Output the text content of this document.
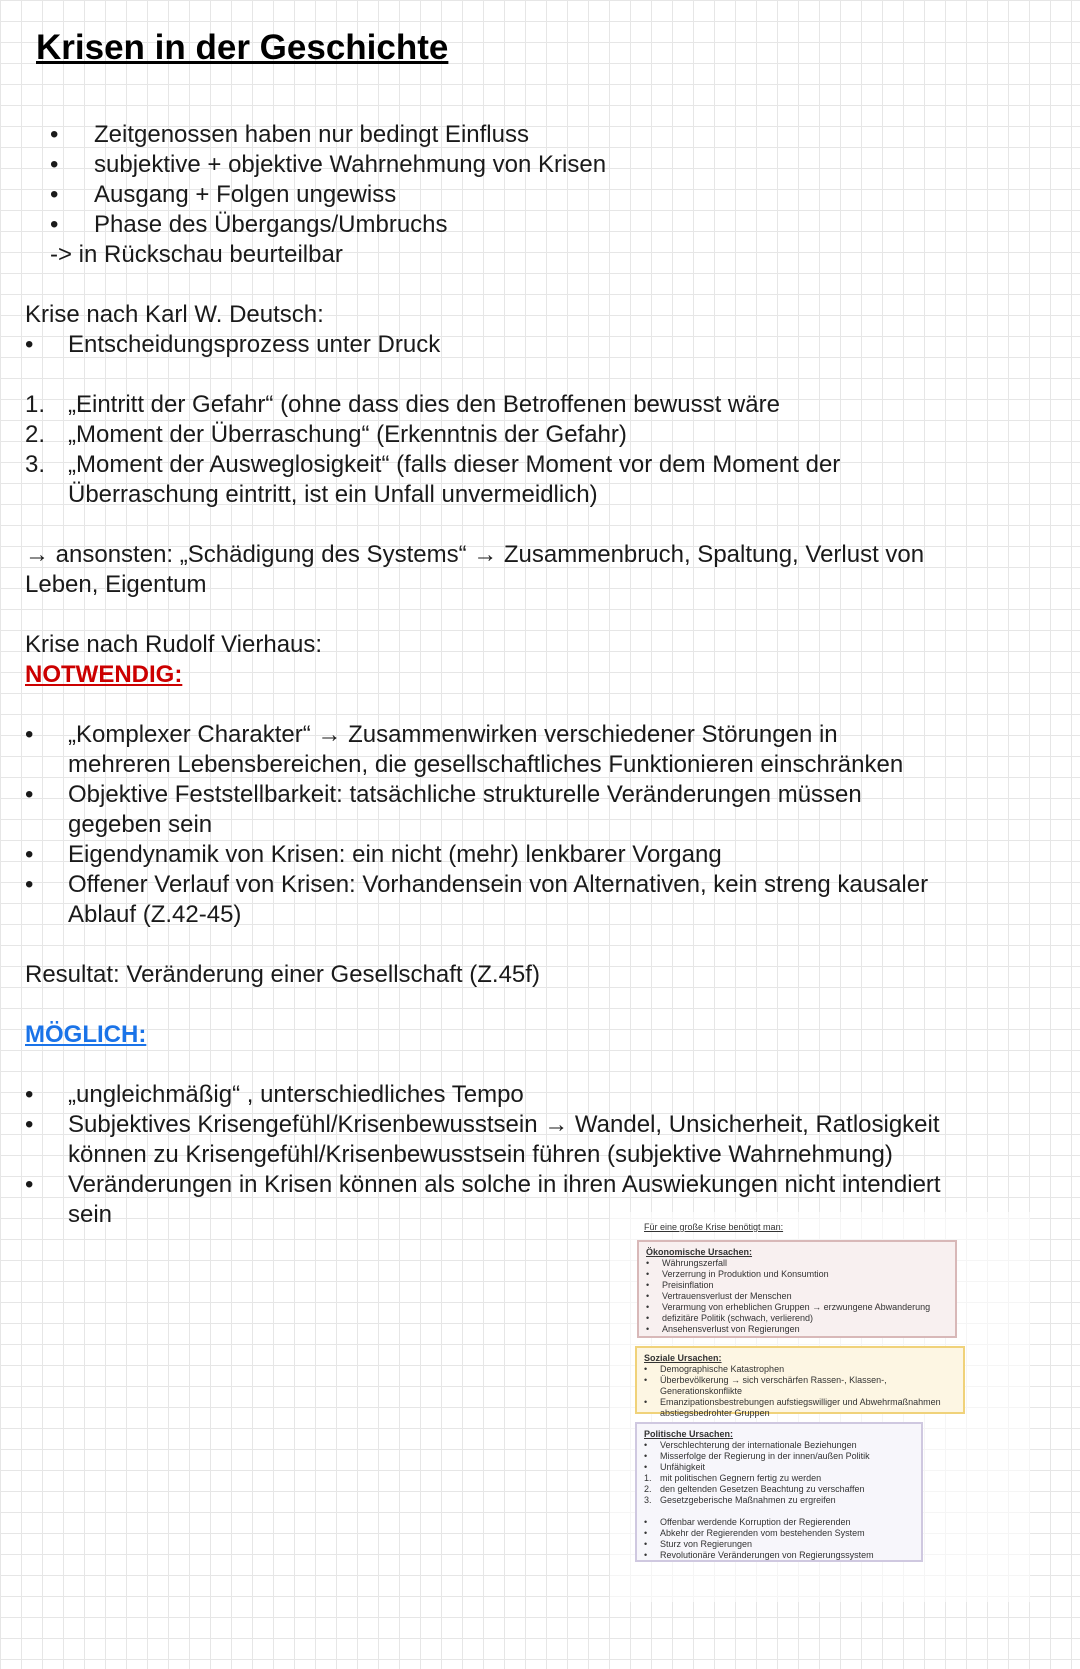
Krisen in der Geschichte
•	Zeitgenossen haben nur bedingt Einfluss
•	subjektive + objektive Wahrnehmung von Krisen
•	Ausgang + Folgen ungewiss
•	Phase des Übergangs/Umbruchs
-> in Rückschau beurteilbar
Krise nach Karl W. Deutsch:
•	Entscheidungsprozess unter Druck
1. „Eintritt der Gefahr“ (ohne dass dies den Betroffenen bewusst wäre
2. „Moment der Überraschung“ (Erkenntnis der Gefahr)
3. „Moment der Ausweglosigkeit“ (falls dieser Moment vor dem Moment der
Überraschung eintritt, ist ein Unfall unvermeidlich)
→ ansonsten: „Schädigung des Systems“ → Zusammenbruch, Spaltung, Verlust von
Leben, Eigentum
Krise nach Rudolf Vierhaus:
NOTWENDIG:
•	„Komplexer Charakter“ → Zusammenwirken verschiedener Störungen in
mehreren Lebensbereichen, die gesellschaftliches Funktionieren einschränken
•	Objektive Feststellbarkeit: tatsächliche strukturelle Veränderungen müssen
gegeben sein
•	Eigendynamik von Krisen: ein nicht (mehr) lenkbarer Vorgang
•	Offener Verlauf von Krisen: Vorhandensein von Alternativen, kein streng kausaler
Ablauf (Z.42-45)
Resultat: Veränderung einer Gesellschaft (Z.45f)
MÖGLICH:
•	„ungleichmäßig“ , unterschiedliches Tempo
•	Subjektives Krisengefühl/Krisenbewusstsein → Wandel, Unsicherheit, Ratlosigkeit
können zu Krisengefühl/Krisenbewusstsein führen (subjektive Wahrnehmung)
•	Veränderungen in Krisen können als solche in ihren Auswiekungen nicht intendiert
sein	Für eine große Krise benötigt man:
Ökonomische Ursachen:
•	Währungszerfall
•	Verzerrung in Produktion und Konsumtion
•	Preisinflation
•	Vertrauensverlust der Menschen
•	Verarmung von erheblichen Gruppen → erzwungene Abwanderung
•	defizitäre Politik (schwach, verlierend)
•	Ansehensverlust von Regierungen
Soziale Ursachen:
•	Demographische Katastrophen
•	Überbevölkerung → sich verschärfen Rassen-, Klassen-, Generationskonflikte
•	Emanzipationsbestrebungen aufstiegswilliger und Abwehrmaßnahmen abstiegsbedrohter Gruppen
Politische Ursachen:
•	Verschlechterung der internationale Beziehungen
•	Misserfolge der Regierung in der innen/außen Politik
•	Unfähigkeit
1. mit politischen Gegnern fertig zu werden
2. den geltenden Gesetzen Beachtung zu verschaffen
3. Gesetzgeberische Maßnahmen zu ergreifen
•	Offenbar werdende Korruption der Regierenden
•	Abkehr der Regierenden vom bestehenden System
•	Sturz von Regierungen
•	Revolutionäre Veränderungen von Regierungssystem
